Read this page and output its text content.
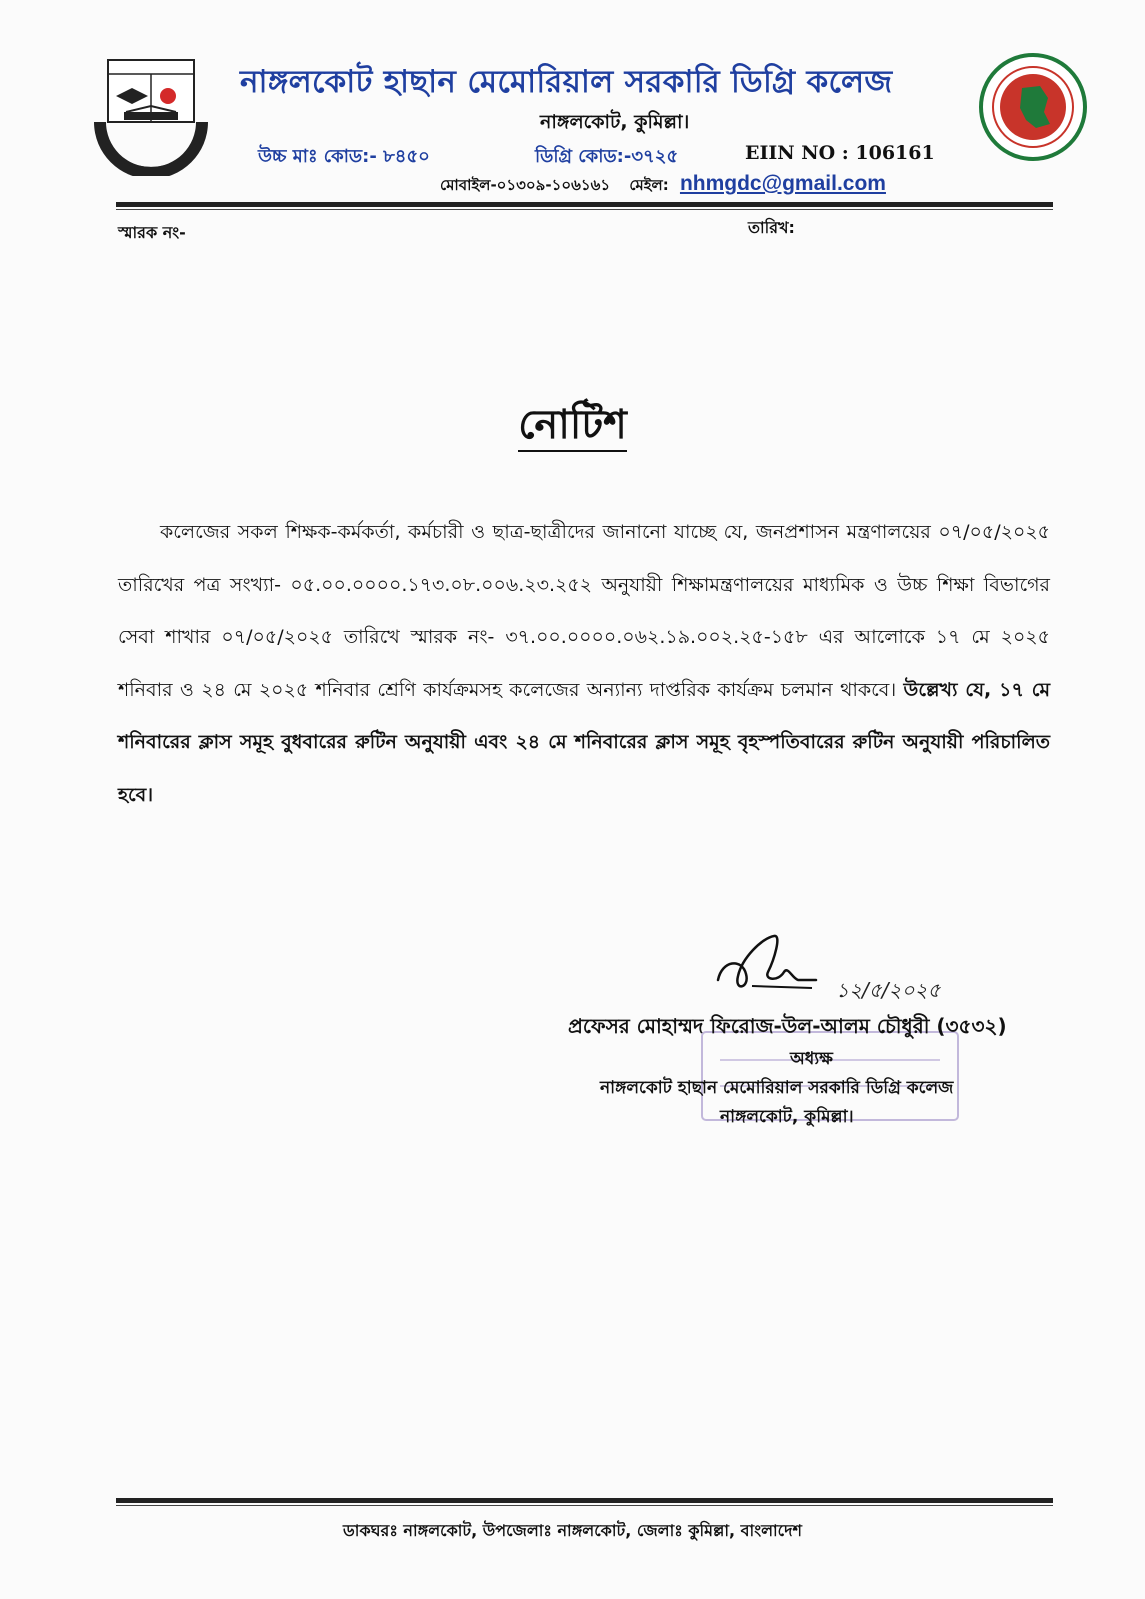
নাঙ্গলকোট হাছান মেমোরিয়াল সরকারি ডিগ্রি কলেজ
নাঙ্গলকোট, কুমিল্লা।
উচ্চ মাঃ কোড:- ৮৪৫০	ডিগ্রি কোড:-৩৭২৫	EIIN NO : 106161
মোবাইল-০১৩০৯-১০৬১৬১ মেইল: nhmgdc@gmail.com
স্মারক নং-	তারিখ:
নোটিশ

কলেজের সকল শিক্ষক-কর্মকর্তা, কর্মচারী ও ছাত্র-ছাত্রীদের জানানো যাচ্ছে যে, জনপ্রশাসন মন্ত্রণালয়ের ০৭/০৫/২০২৫ তারিখের পত্র সংখ্যা- ০৫.০০.০০০০.১৭৩.০৮.০০৬.২৩.২৫২ অনুযায়ী শিক্ষামন্ত্রণালয়ের মাধ্যমিক ও উচ্চ শিক্ষা বিভাগের সেবা শাখার ০৭/০৫/২০২৫ তারিখে স্মারক নং- ৩৭.০০.০০০০.০৬২.১৯.০০২.২৫-১৫৮ এর আলোকে ১৭ মে ২০২৫ শনিবার ও ২৪ মে ২০২৫ শনিবার শ্রেণি কার্যক্রমসহ কলেজের অন্যান্য দাপ্তরিক কার্যক্রম চলমান থাকবে। উল্লেখ্য যে, ১৭ মে শনিবারের ক্লাস সমূহ বুধবারের রুটিন অনুযায়ী এবং ২৪ মে শনিবারের ক্লাস সমূহ বৃহস্পতিবারের রুটিন অনুযায়ী পরিচালিত হবে।

১২/৫/২০২৫
প্রফেসর মোহাম্মদ ফিরোজ-উল-আলম চৌধুরী (৩৫৩২)
অধ্যক্ষ
নাঙ্গলকোট হাছান মেমোরিয়াল সরকারি ডিগ্রি কলেজ
নাঙ্গলকোট, কুমিল্লা।
ডাকঘরঃ নাঙ্গলকোট, উপজেলাঃ নাঙ্গলকোট, জেলাঃ কুমিল্লা, বাংলাদেশ
